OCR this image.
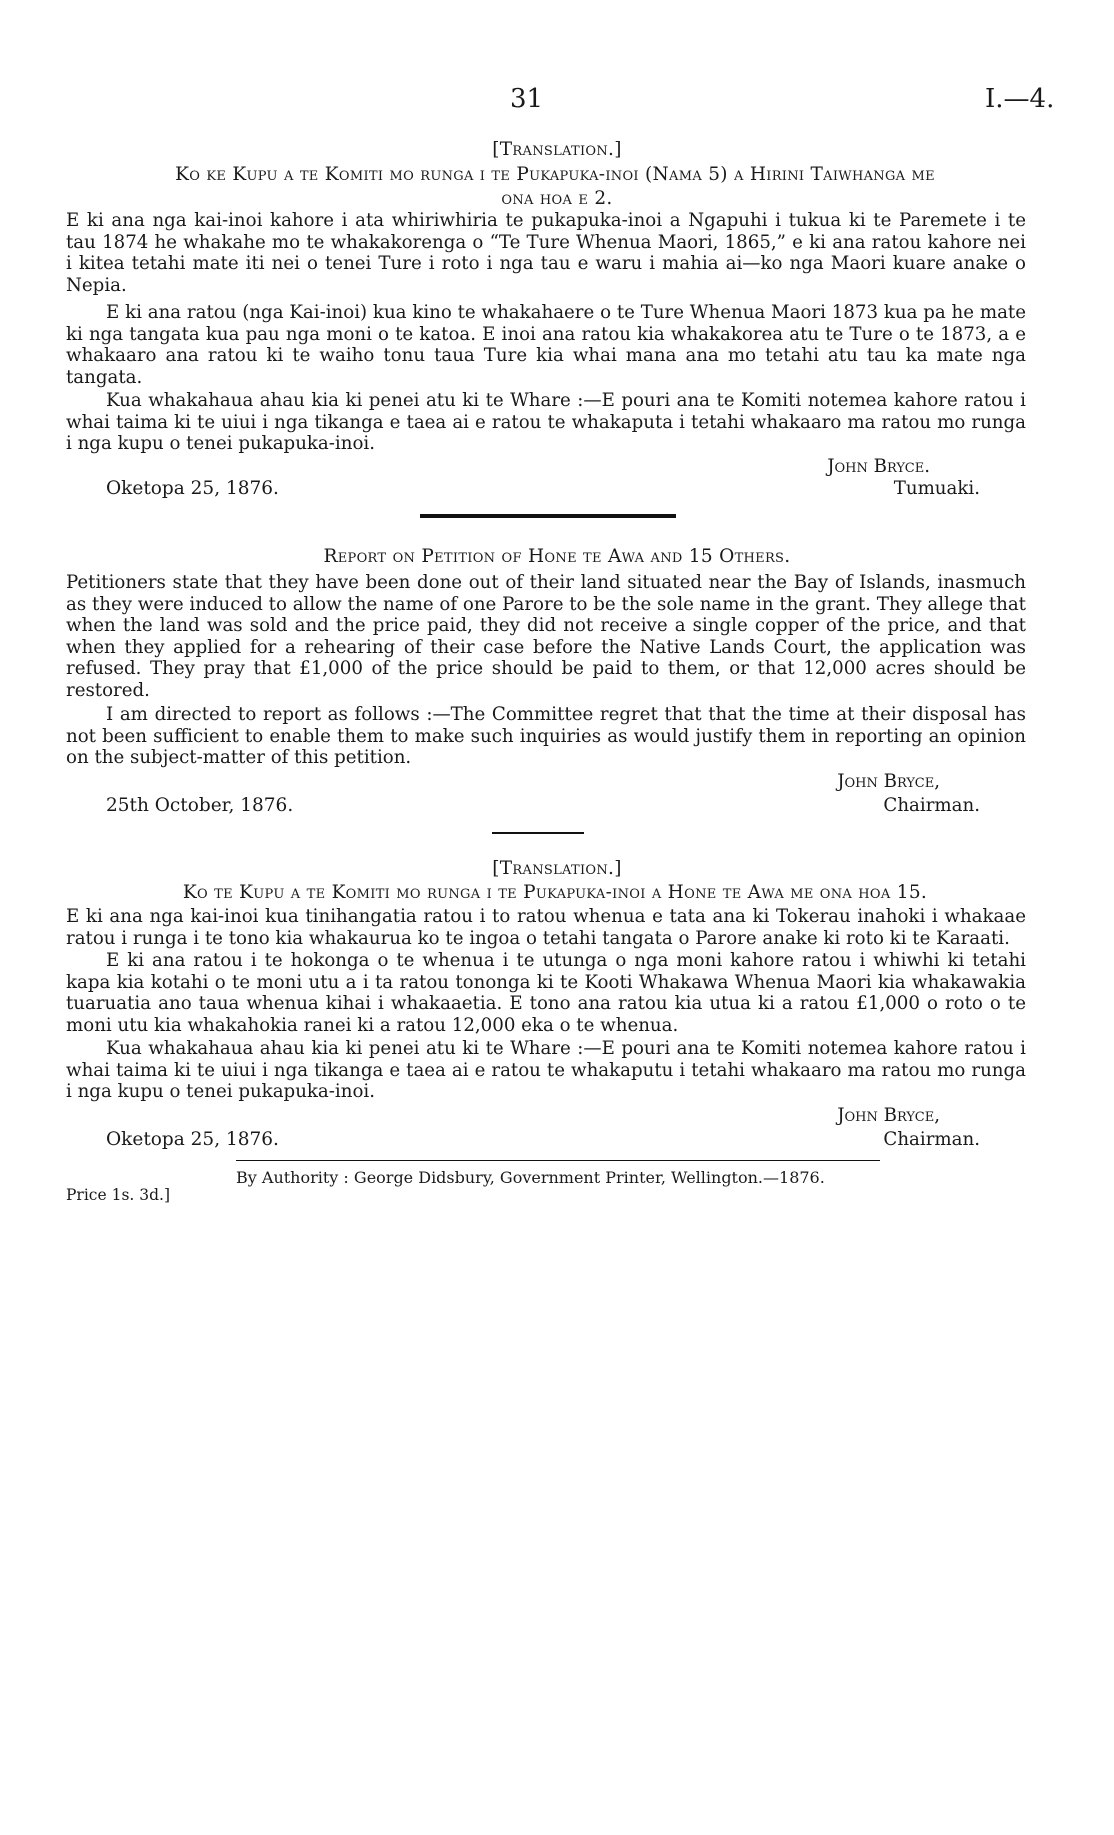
31	I.—4.
[Translation.]
Ko ke Kupu a te Komiti mo runga i te Pukapuka-inoi (Nama 5) a Hirini Taiwhanga me
ona hoa e 2.

E ki ana nga kai-inoi kahore i ata whiriwhiria te pukapuka-inoi a Ngapuhi i tukua ki te Paremete i te tau 1874 he whakahe mo te whakakorenga o “Te Ture Whenua Maori, 1865,” e ki ana ratou kahore nei i kitea tetahi mate iti nei o tenei Ture i roto i nga tau e waru i mahia ai—ko nga Maori kuare anake o Nepia.

E ki ana ratou (nga Kai-inoi) kua kino te whakahaere o te Ture Whenua Maori 1873 kua pa he mate ki nga tangata kua pau nga moni o te katoa. E inoi ana ratou kia whakakorea atu te Ture o te 1873, a e whakaaro ana ratou ki te waiho tonu taua Ture kia whai mana ana mo tetahi atu tau ka mate nga tangata.

Kua whakahaua ahau kia ki penei atu ki te Whare :—E pouri ana te Komiti notemea kahore ratou i whai taima ki te uiui i nga tikanga e taea ai e ratou te whakaputa i tetahi whakaaro ma ratou mo runga i nga kupu o tenei pukapuka-inoi.

John Bryce.
Oketopa 25, 1876.	Tumuaki.
Report on Petition of Hone te Awa and 15 Others.

Petitioners state that they have been done out of their land situated near the Bay of Islands, inasmuch as they were induced to allow the name of one Parore to be the sole name in the grant. They allege that when the land was sold and the price paid, they did not receive a single copper of the price, and that when they applied for a rehearing of their case before the Native Lands Court, the application was refused. They pray that £1,000 of the price should be paid to them, or that 12,000 acres should be restored.

I am directed to report as follows :—The Committee regret that that the time at their disposal has not been sufficient to enable them to make such inquiries as would justify them in reporting an opinion on the subject-matter of this petition.

John Bryce,
25th October, 1876.	Chairman.
[Translation.]
Ko te Kupu a te Komiti mo runga i te Pukapuka-inoi a Hone te Awa me ona hoa 15.

E ki ana nga kai-inoi kua tinihangatia ratou i to ratou whenua e tata ana ki Tokerau inahoki i whakaae ratou i runga i te tono kia whakaurua ko te ingoa o tetahi tangata o Parore anake ki roto ki te Karaati.

E ki ana ratou i te hokonga o te whenua i te utunga o nga moni kahore ratou i whiwhi ki tetahi kapa kia kotahi o te moni utu a i ta ratou tononga ki te Kooti Whakawa Whenua Maori kia whakawakia tuaruatia ano taua whenua kihai i whakaaetia. E tono ana ratou kia utua ki a ratou £1,000 o roto o te moni utu kia whakahokia ranei ki a ratou 12,000 eka o te whenua.

Kua whakahaua ahau kia ki penei atu ki te Whare :—E pouri ana te Komiti notemea kahore ratou i whai taima ki te uiui i nga tikanga e taea ai e ratou te whakaputu i tetahi whakaaro ma ratou mo runga i nga kupu o tenei pukapuka-inoi.

John Bryce,
Oketopa 25, 1876.	Chairman.
By Authority : George Didsbury, Government Printer, Wellington.—1876.
Price 1s. 3d.]
